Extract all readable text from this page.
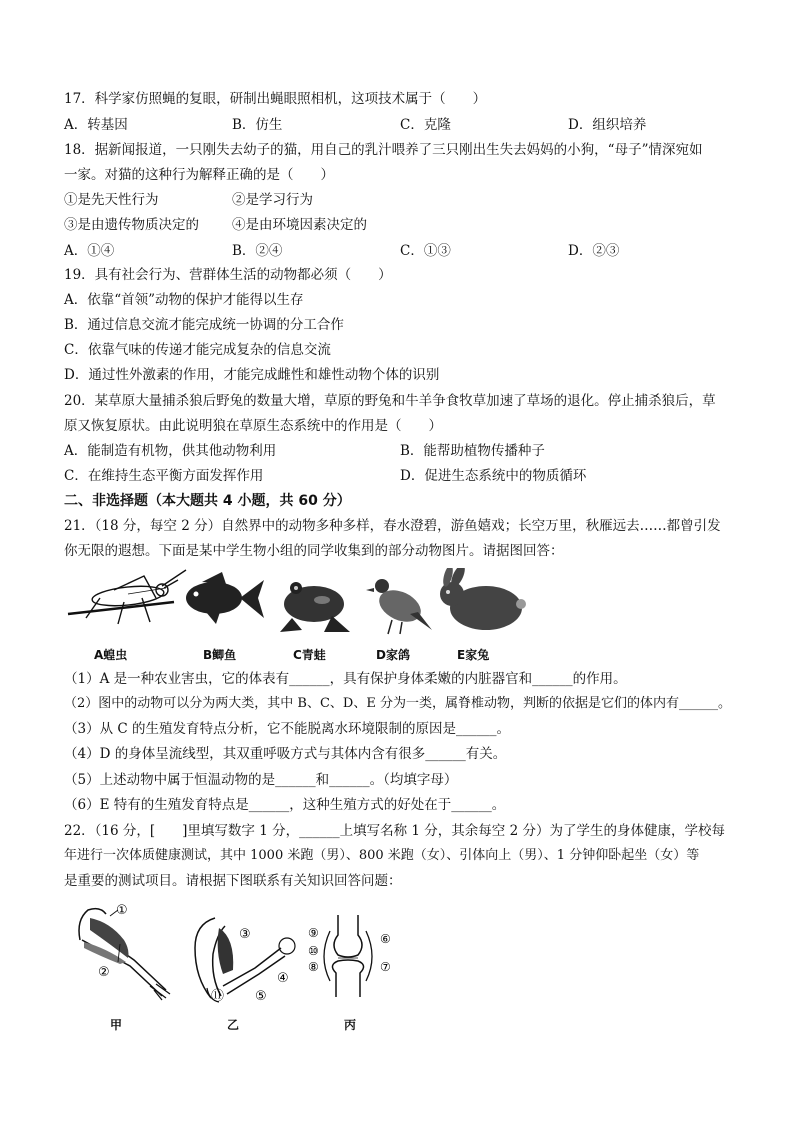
17．科学家仿照蝇的复眼，研制出蝇眼照相机，这项技术属于（　　）
A．转基因	B．仿生	C．克隆	D．组织培养
18．据新闻报道，一只刚失去幼子的猫，用自己的乳汁喂养了三只刚出生失去妈妈的小狗，“母子”情深宛如
一家。对猫的这种行为解释正确的是（　　）
①是先天性行为	②是学习行为
③是由遗传物质决定的 ④是由环境因素决定的
A．①④	B．②④	C．①③	D．②③
19．具有社会行为、营群体生活的动物都必须（　　）
A．依靠“首领”动物的保护才能得以生存
B．通过信息交流才能完成统一协调的分工合作
C．依靠气味的传递才能完成复杂的信息交流
D．通过性外激素的作用，才能完成雌性和雄性动物个体的识别
20．某草原大量捕杀狼后野兔的数量大增，草原的野兔和牛羊争食牧草加速了草场的退化。停止捕杀狼后，草
原又恢复原状。由此说明狼在草原生态系统中的作用是（　　）
A．能制造有机物，供其他动物利用	B．能帮助植物传播种子
C．在维持生态平衡方面发挥作用	D．促进生态系统中的物质循环
二、非选择题（本大题共 4 小题，共 60 分）
21．（18 分，每空 2 分）自然界中的动物多种多样，春水澄碧，游鱼嬉戏；长空万里，秋雁远去……都曾引发
你无限的遐想。下面是某中学生物小组的同学收集到的部分动物图片。请据图回答：
A蝗虫	B鲫鱼	C青蛙	D家鸽	E家兔
（1）A 是一种农业害虫，它的体表有______，具有保护身体柔嫩的内脏器官和______的作用。
（2）图中的动物可以分为两大类，其中 B、C、D、E 分为一类，属脊椎动物，判断的依据是它们的体内有______。
（3）从 C 的生殖发育特点分析，它不能脱离水环境限制的原因是______。
（4）D 的身体呈流线型，其双重呼吸方式与其体内含有很多______有关。
（5）上述动物中属于恒温动物的是______和______。（均填字母）
（6）E 特有的生殖发育特点是______，这种生殖方式的好处在于______。
22．（16 分，[　　]里填写数字 1 分，______上填写名称 1 分，其余每空 2 分）为了学生的身体健康，学校每
年进行一次体质健康测试，其中 1000 米跑（男）、800 米跑（女）、引体向上（男）、1 分钟仰卧起坐（女）等
是重要的测试项目。请根据下图联系有关知识回答问题：
①
②
③
④
⑤
⑪
⑨
⑩
⑧
⑥
⑦
甲	乙	丙
